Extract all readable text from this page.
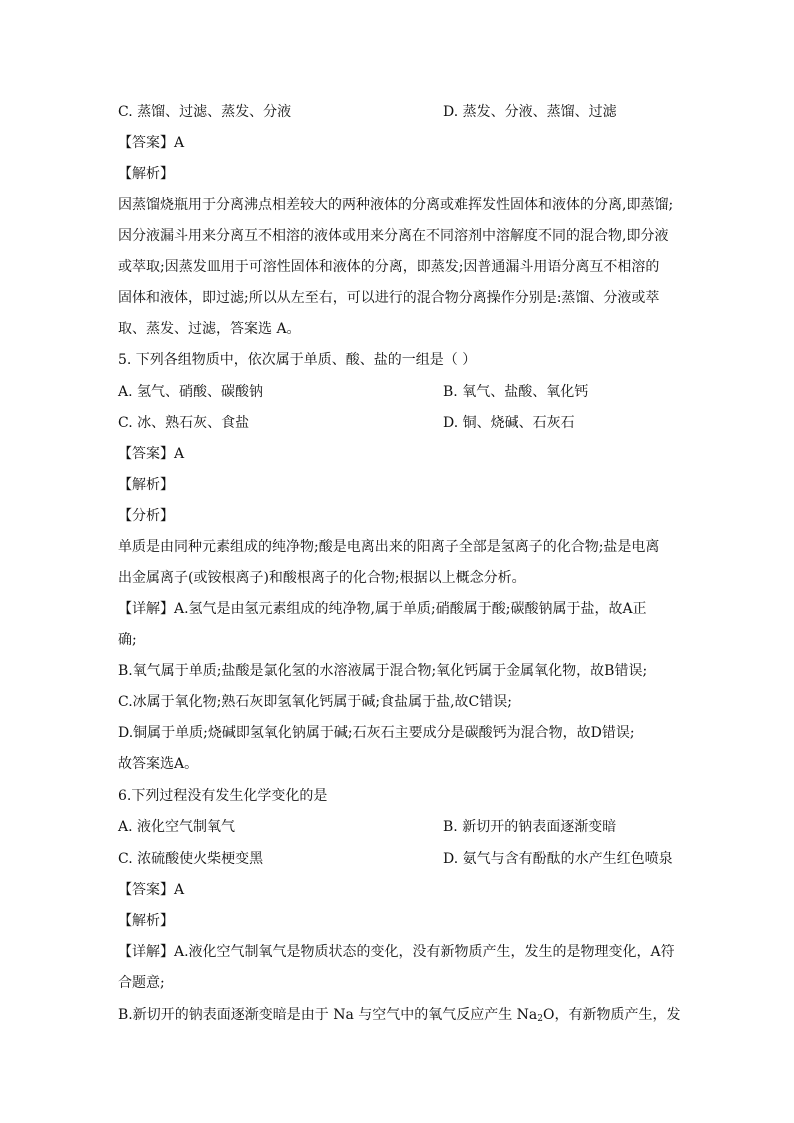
C. 蒸馏、过滤、蒸发、分液	D. 蒸发、分液、蒸馏、过滤
【答案】A
【解析】
因蒸馏烧瓶用于分离沸点相差较大的两种液体的分离或难挥发性固体和液体的分离,即蒸馏;
因分液漏斗用来分离互不相溶的液体或用来分离在不同溶剂中溶解度不同的混合物,即分液
或萃取;因蒸发皿用于可溶性固体和液体的分离，即蒸发;因普通漏斗用语分离互不相溶的
固体和液体，即过滤;所以从左至右，可以进行的混合物分离操作分别是:蒸馏、分液或萃
取、蒸发、过滤，答案选 A。
5. 下列各组物质中，依次属于单质、酸、盐的一组是（ ）
A. 氢气、硝酸、碳酸钠	B. 氧气、盐酸、氧化钙
C. 冰、熟石灰、食盐	D. 铜、烧碱、石灰石
【答案】A
【解析】
【分析】
单质是由同种元素组成的纯净物;酸是电离出来的阳离子全部是氢离子的化合物;盐是电离
出金属离子(或铵根离子)和酸根离子的化合物;根据以上概念分析。
【详解】A.氢气是由氢元素组成的纯净物,属于单质;硝酸属于酸;碳酸钠属于盐，故A正
确;
B.氧气属于单质;盐酸是氯化氢的水溶液属于混合物;氧化钙属于金属氧化物，故B错误;
C.冰属于氧化物;熟石灰即氢氧化钙属于碱;食盐属于盐,故C错误;
D.铜属于单质;烧碱即氢氧化钠属于碱;石灰石主要成分是碳酸钙为混合物，故D错误;
故答案选A。
6.下列过程没有发生化学变化的是
A. 液化空气制氧气	B. 新切开的钠表面逐渐变暗
C. 浓硫酸使火柴梗变黑	D. 氨气与含有酚酞的水产生红色喷泉
【答案】A
【解析】
【详解】A.液化空气制氧气是物质状态的变化，没有新物质产生，发生的是物理变化，A符
合题意;
B.新切开的钠表面逐渐变暗是由于 Na 与空气中的氧气反应产生 $Na_2O$，有新物质产生，发
